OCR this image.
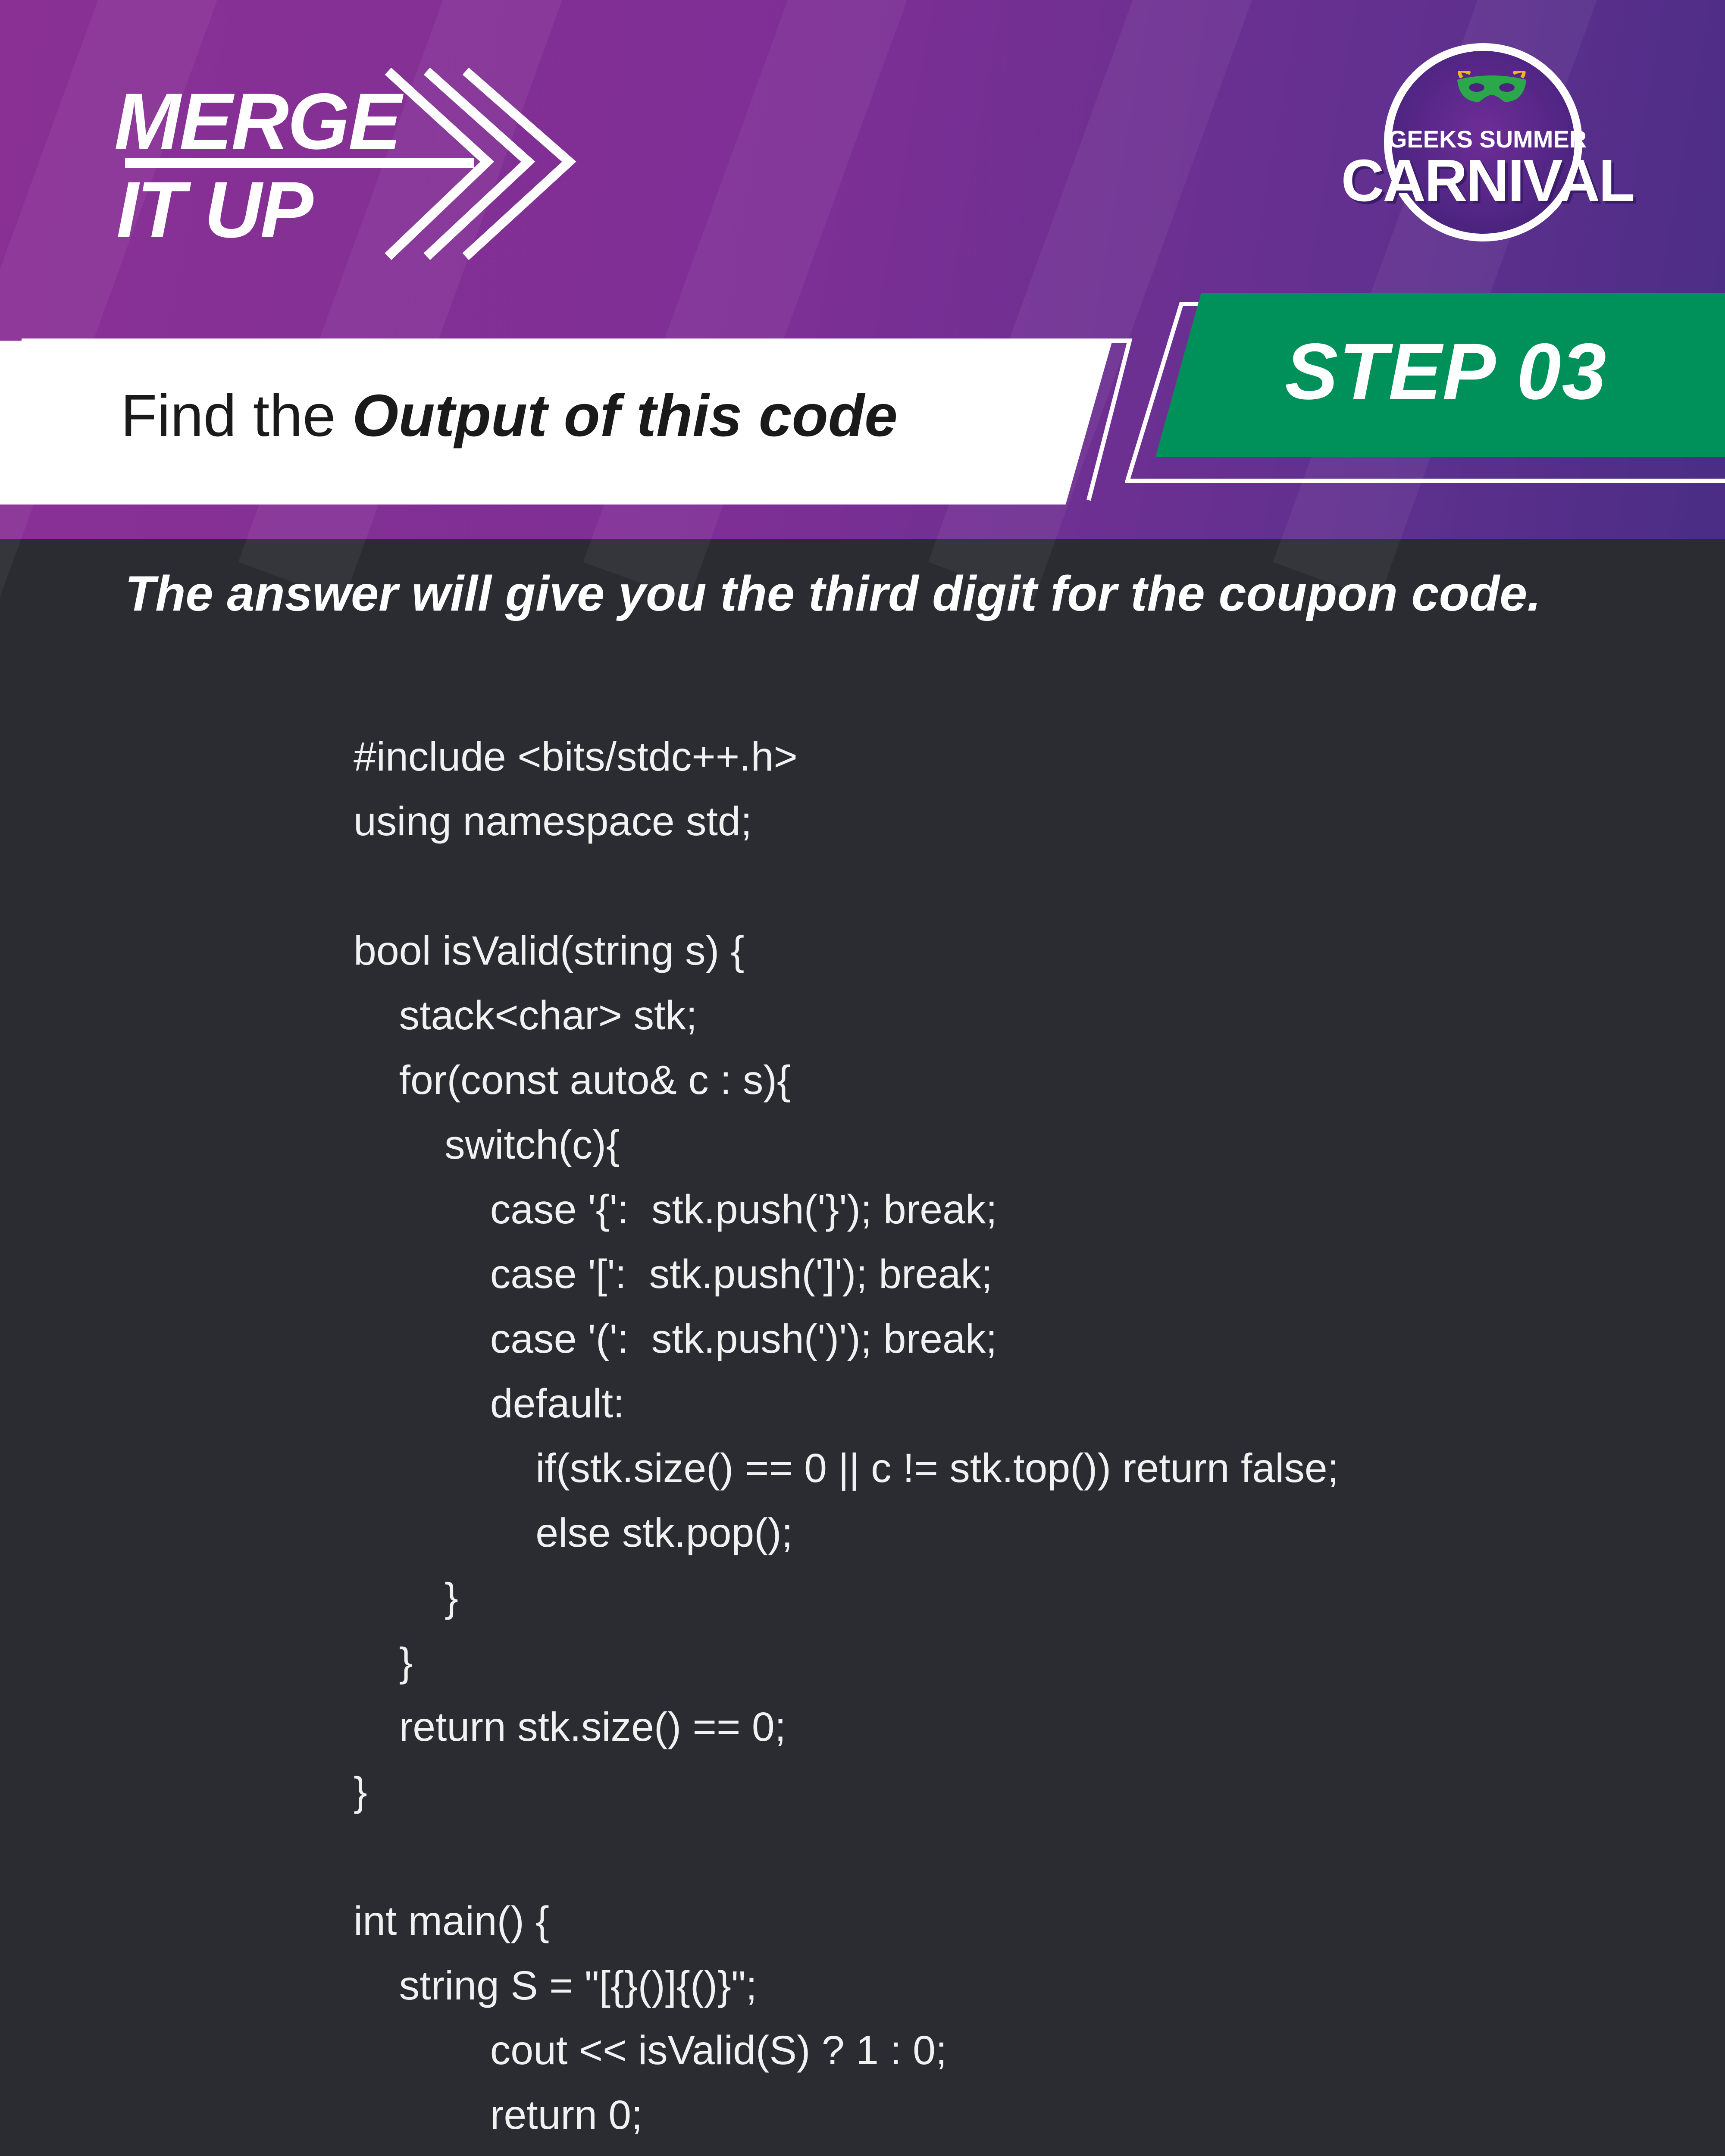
MERGE
IT UP
GEEKS SUMMER
CARNIVAL
Find the Output of this code	STEP 03
The answer will give you the third digit for the coupon code.
#include <bits/stdc++.h>
using namespace std;

bool isValid(string s) {
stack<char> stk;
for(const auto& c : s){
switch(c){
case '{':  stk.push('}'); break;
case '[':  stk.push(']'); break;
case '(':  stk.push(')'); break;
default:
if(stk.size() == 0 || c != stk.top()) return false;
else stk.pop();
}
}
return stk.size() == 0;
}

int main() {
string S = "[{}()]{()}";
cout << isValid(S) ? 1 : 0;
return 0;
